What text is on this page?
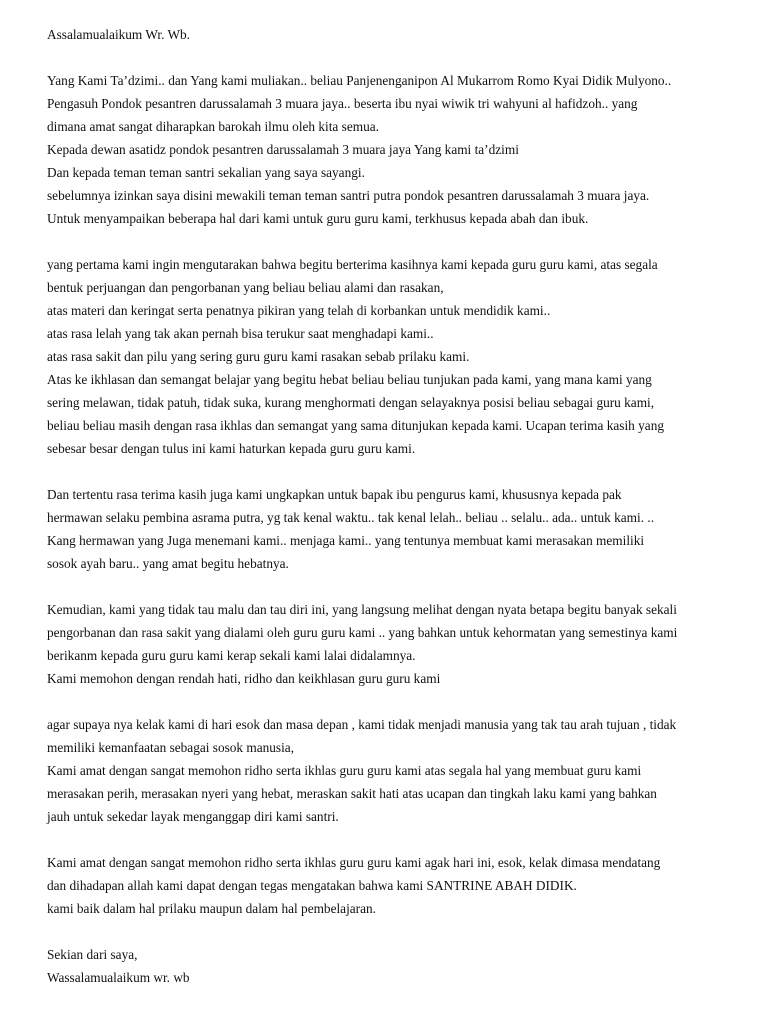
Assalamualaikum Wr. Wb.
Yang Kami Ta’dzimi.. dan Yang kami muliakan.. beliau Panjenenganipon Al Mukarrom Romo Kyai Didik Mulyono..
Pengasuh Pondok pesantren darussalamah 3 muara jaya.. beserta ibu nyai wiwik tri wahyuni al hafidzoh.. yang
dimana amat sangat diharapkan barokah ilmu oleh kita semua.
Kepada dewan asatidz pondok pesantren darussalamah 3 muara jaya Yang kami ta’dzimi
Dan kepada teman teman santri sekalian yang saya sayangi.
sebelumnya izinkan saya disini mewakili teman teman santri putra pondok pesantren darussalamah 3 muara jaya.
Untuk menyampaikan beberapa hal dari kami untuk guru guru kami, terkhusus kepada abah dan ibuk.
yang pertama kami ingin mengutarakan bahwa begitu berterima kasihnya kami kepada guru guru kami, atas segala
bentuk perjuangan dan pengorbanan yang beliau beliau alami dan rasakan,
atas materi dan keringat serta penatnya pikiran yang telah di korbankan untuk mendidik kami..
atas rasa lelah yang tak akan pernah bisa terukur saat menghadapi kami..
atas rasa sakit dan pilu yang sering guru guru kami rasakan sebab prilaku kami.
Atas ke ikhlasan dan semangat belajar yang begitu hebat beliau beliau tunjukan pada kami, yang mana kami yang
sering melawan, tidak patuh, tidak suka, kurang menghormati dengan selayaknya posisi beliau sebagai guru kami,
beliau beliau masih dengan rasa ikhlas dan semangat yang sama ditunjukan kepada kami. Ucapan terima kasih yang
sebesar besar dengan tulus ini kami haturkan kepada guru guru kami.
Dan tertentu rasa terima kasih juga kami ungkapkan untuk bapak ibu pengurus kami, khususnya kepada pak
hermawan selaku pembina asrama putra, yg tak kenal waktu.. tak kenal lelah.. beliau .. selalu.. ada.. untuk kami. ..
Kang hermawan yang Juga menemani kami.. menjaga kami.. yang tentunya membuat kami merasakan memiliki
sosok ayah baru.. yang amat begitu hebatnya.
Kemudian, kami yang tidak tau malu dan tau diri ini, yang langsung melihat dengan nyata betapa begitu banyak sekali
pengorbanan dan rasa sakit yang dialami oleh guru guru kami .. yang bahkan untuk kehormatan yang semestinya kami
berikanm kepada guru guru kami kerap sekali kami lalai didalamnya.
Kami memohon dengan rendah hati, ridho dan keikhlasan guru guru kami
agar supaya nya kelak kami di hari esok dan masa depan , kami tidak menjadi manusia yang tak tau arah tujuan , tidak
memiliki kemanfaatan sebagai sosok manusia,
Kami amat dengan sangat memohon ridho serta ikhlas guru guru kami atas segala hal yang membuat guru kami
merasakan perih, merasakan nyeri yang hebat, meraskan sakit hati atas ucapan dan tingkah laku kami yang bahkan
jauh untuk sekedar layak menganggap diri kami santri.
Kami amat dengan sangat memohon ridho serta ikhlas guru guru kami agak hari ini, esok, kelak dimasa mendatang
dan dihadapan allah kami dapat dengan tegas mengatakan bahwa kami SANTRINE ABAH DIDIK.
kami baik dalam hal prilaku maupun dalam hal pembelajaran.
Sekian dari saya,
Wassalamualaikum wr. wb
